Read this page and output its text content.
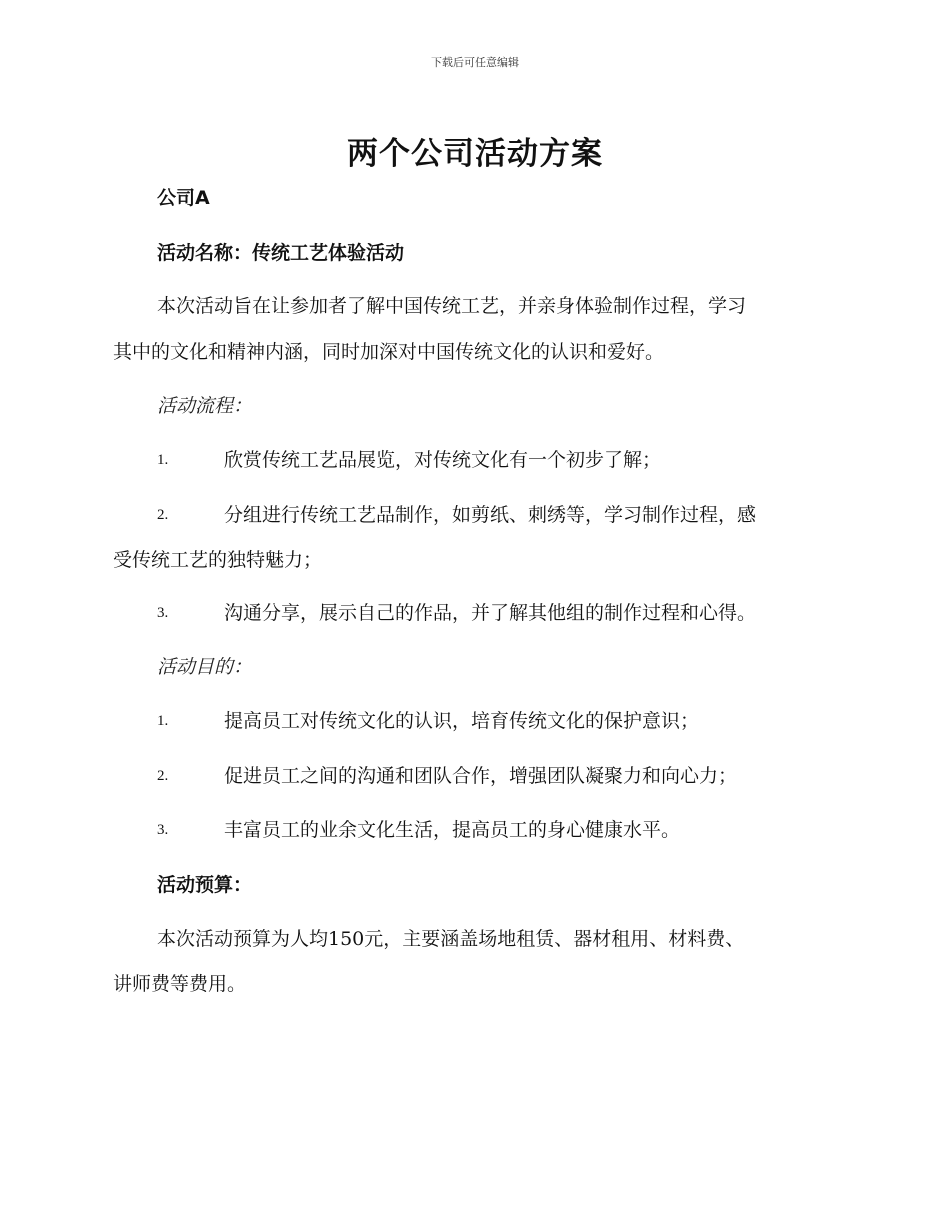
下载后可任意编辑
两个公司活动方案
公司A
活动名称：传统工艺体验活动
本次活动旨在让参加者了解中国传统工艺，并亲身体验制作过程，学习
其中的文化和精神内涵，同时加深对中国传统文化的认识和爱好。
活动流程：
1.	欣赏传统工艺品展览，对传统文化有一个初步了解；
2.	分组进行传统工艺品制作，如剪纸、刺绣等，学习制作过程，感
受传统工艺的独特魅力；
3.	沟通分享，展示自己的作品，并了解其他组的制作过程和心得。
活动目的：
1.	提高员工对传统文化的认识，培育传统文化的保护意识；
2.	促进员工之间的沟通和团队合作，增强团队凝聚力和向心力；
3.	丰富员工的业余文化生活，提高员工的身心健康水平。
活动预算：
本次活动预算为人均150元，主要涵盖场地租赁、器材租用、材料费、
讲师费等费用。
